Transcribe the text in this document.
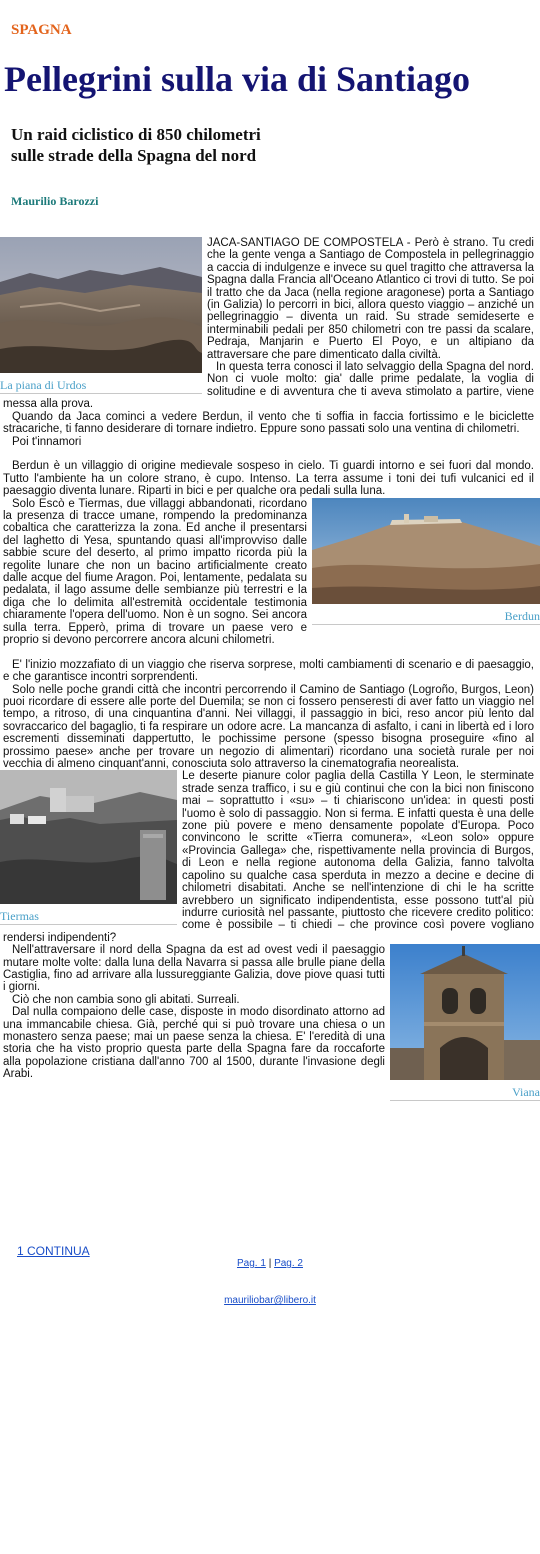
SPAGNA
Pellegrini sulla via di Santiago
Un raid ciclistico di 850 chilometri
sulle strade della Spagna del nord
Maurilio Barozzi
La piana di Urdos

JACA-SANTIAGO DE COMPOSTELA - Però è strano. Tu credi che la gente venga a Santiago de Compostela in pellegrinaggio a caccia di indulgenze e invece su quel tragitto che attraversa la Spagna dalla Francia all'Oceano Atlantico ci trovi di tutto. Se poi il tratto che da Jaca (nella regione aragonese) porta a Santiago (in Galizia) lo percorri in bici, allora questo viaggio – anziché un pellegrinaggio – diventa un raid. Su strade semideserte e interminabili pedali per 850 chilometri con tre passi da scalare, Pedraja, Manjarin e Puerto El Poyo, e un altipiano da attraversare che pare dimenticato dalla civiltà.

In questa terra conosci il lato selvaggio della Spagna del nord. Non ci vuole molto: gia' dalle prime pedalate, la voglia di solitudine e di avventura che ti aveva stimolato a partire, viene messa alla prova.

Quando da Jaca cominci a vedere Berdun, il vento che ti soffia in faccia fortissimo e le biciclette stracariche, ti fanno desiderare di tornare indietro. Eppure sono passati solo una ventina di chilometri.

Poi t'innamori

Berdun è un villaggio di origine medievale sospeso in cielo. Ti guardi intorno e sei fuori dal mondo. Tutto l'ambiente ha un colore strano, è cupo. Intenso. La terra assume i toni dei tufi vulcanici ed il paesaggio diventa lunare. Riparti in bici e per qualche ora pedali sulla luna.

Berdun

Solo Escò e Tiermas, due villaggi abbandonati, ricordano la presenza di tracce umane, rompendo la predominanza cobaltica che caratterizza la zona. Ed anche il presentarsi del laghetto di Yesa, spuntando quasi all'improvviso dalle sabbie scure del deserto, al primo impatto ricorda più la regolite lunare che non un bacino artificialmente creato dalle acque del fiume Aragon. Poi, lentamente, pedalata su pedalata, il lago assume delle sembianze più terrestri e la diga che lo delimita all'estremità occidentale testimonia chiaramente l'opera dell'uomo. Non è un sogno. Sei ancora sulla terra. Epperò, prima di trovare un paese vero e proprio si devono percorrere ancora alcuni chilometri.

E' l'inizio mozzafiato di un viaggio che riserva sorprese, molti cambiamenti di scenario e di paesaggio, e che garantisce incontri sorprendenti.

Solo nelle poche grandi città che incontri percorrendo il Camino de Santiago (Logroño, Burgos, Leon) puoi ricordare di essere alle porte del Duemila; se non ci fossero penseresti di aver fatto un viaggio nel tempo, a ritroso, di una cinquantina d'anni. Nei villaggi, il passaggio in bici, reso ancor più lento dal sovraccarico del bagaglio, ti fa respirare un odore acre. La mancanza di asfalto, i cani in libertà ed i loro escrementi disseminati dappertutto, le pochissime persone (spesso bisogna proseguire «fino al prossimo paese» anche per trovare un negozio di alimentari) ricordano una società rurale per noi vecchia di almeno cinquant'anni, conosciuta solo attraverso la cinematografia neorealista.

Tiermas

Le deserte pianure color paglia della Castilla Y Leon, le sterminate strade senza traffico, i su e giù continui che con la bici non finiscono mai – soprattutto i «su» – ti chiariscono un'idea: in questi posti l'uomo è solo di passaggio. Non si ferma. E infatti questa è una delle zone più povere e meno densamente popolate d'Europa. Poco convincono le scritte «Tierra comunera», «Leon solo» oppure «Provincia Gallega» che, rispettivamente nella provincia di Burgos, di Leon e nella regione autonoma della Galizia, fanno talvolta capolino su qualche casa sperduta in mezzo a decine e decine di chilometri disabitati. Anche se nell'intenzione di chi le ha scritte avrebbero un significato indipendentista, esse possono tutt'al più indurre curiosità nel passante, piuttosto che ricevere credito politico: come è possibile – ti chiedi – che province così povere vogliano rendersi indipendenti?

Viana

Nell'attraversare il nord della Spagna da est ad ovest vedi il paesaggio mutare molte volte: dalla luna della Navarra si passa alle brulle piane della Castiglia, fino ad arrivare alla lussureggiante Galizia, dove piove quasi tutti i giorni.

Ciò che non cambia sono gli abitati. Surreali.

Dal nulla compaiono delle case, disposte in modo disordinato attorno ad una immancabile chiesa. Già, perché qui si può trovare una chiesa o un monastero senza paese; mai un paese senza la chiesa. E' l'eredità di una storia che ha visto proprio questa parte della Spagna fare da roccaforte alla popolazione cristiana dall'anno 700 al 1500, durante l'invasione degli Arabi.

1 CONTINUA
Pag. 1 | Pag. 2
mauriliobar@libero.it
